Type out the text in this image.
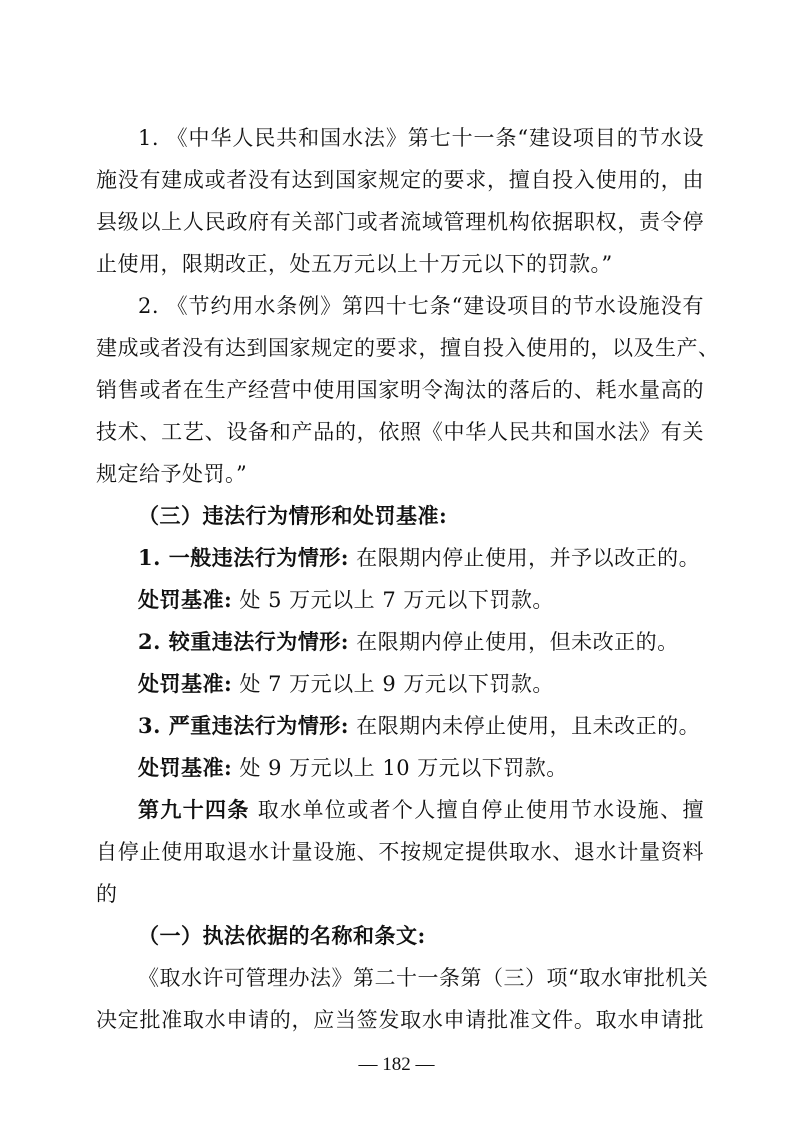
1. 《中华人民共和国水法》第七十一条“建设项目的节水设
施没有建成或者没有达到国家规定的要求，擅自投入使用的，由
县级以上人民政府有关部门或者流域管理机构依据职权，责令停
止使用，限期改正，处五万元以上十万元以下的罚款。”
2. 《节约用水条例》第四十七条“建设项目的节水设施没有
建成或者没有达到国家规定的要求，擅自投入使用的，以及生产、
销售或者在生产经营中使用国家明令淘汰的落后的、耗水量高的
技术、工艺、设备和产品的，依照《中华人民共和国水法》有关
规定给予处罚。”
（三）违法行为情形和处罚基准:
1. 一般违法行为情形: 在限期内停止使用，并予以改正的。
处罚基准: 处 5 万元以上 7 万元以下罚款。
2. 较重违法行为情形: 在限期内停止使用，但未改正的。
处罚基准: 处 7 万元以上 9 万元以下罚款。
3. 严重违法行为情形: 在限期内未停止使用，且未改正的。
处罚基准: 处 9 万元以上 10 万元以下罚款。
第九十四条 取水单位或者个人擅自停止使用节水设施、擅
自停止使用取退水计量设施、不按规定提供取水、退水计量资料
的
（一）执法依据的名称和条文:
《取水许可管理办法》第二十一条第（三）项“取水审批机关
决定批准取水申请的，应当签发取水申请批准文件。取水申请批
— 182 —
